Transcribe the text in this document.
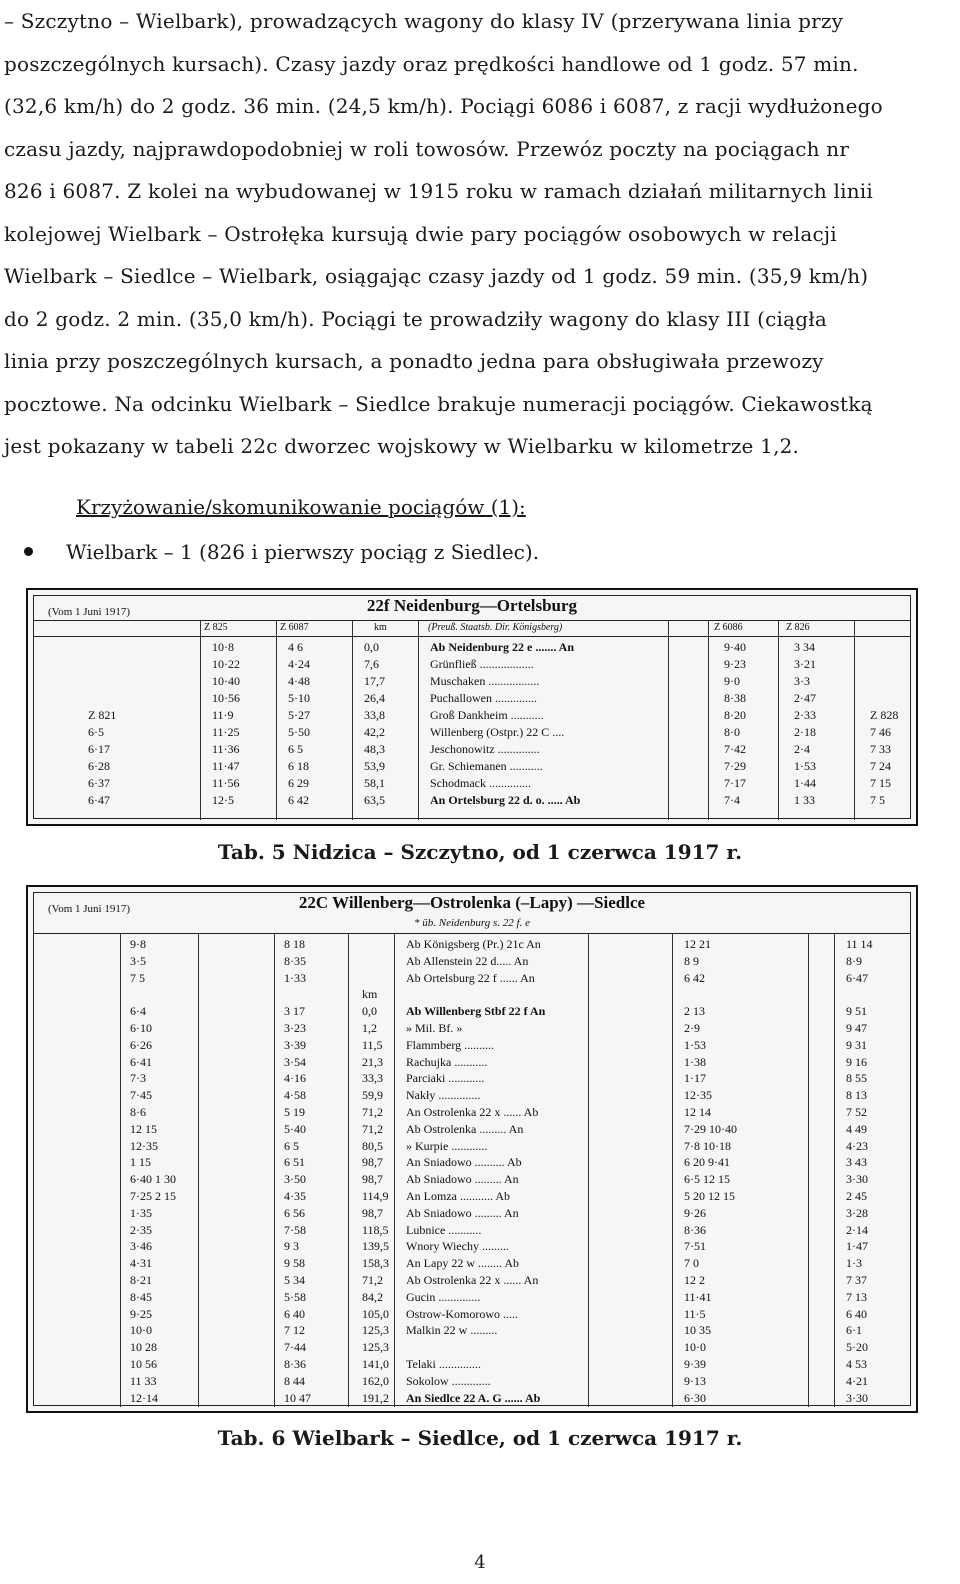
– Szczytno – Wielbark), prowadzących wagony do klasy IV (przerywana linia przy
poszczególnych kursach). Czasy jazdy oraz prędkości handlowe od 1 godz. 57 min.
(32,6 km/h) do 2 godz. 36 min. (24,5 km/h). Pociągi 6086 i 6087, z racji wydłużonego
czasu jazdy, najprawdopodobniej w roli towosów. Przewóz poczty na pociągach nr
826 i 6087. Z kolei na wybudowanej w 1915 roku w ramach działań militarnych linii
kolejowej Wielbark – Ostrołęka kursują dwie pary pociągów osobowych w relacji
Wielbark – Siedlce – Wielbark, osiągając czasy jazdy od 1 godz. 59 min. (35,9 km/h)
do 2 godz. 2 min. (35,0 km/h). Pociągi te prowadziły wagony do klasy III (ciągła
linia przy poszczególnych kursach, a ponadto jedna para obsługiwała przewozy
pocztowe. Na odcinku Wielbark – Siedlce brakuje numeracji pociągów. Ciekawostką
jest pokazany w tabeli 22c dworzec wojskowy w Wielbarku w kilometrze 1,2.
Krzyżowanie/skomunikowanie pociągów (1):
Wielbark – 1 (826 i pierwszy pociąg z Siedlec).
(Vom 1 Juni 1917)	22f Neidenburg—Ortelsburg
Z 825	Z 6087	km	(Preuß. Staatsb. Dir. Königsberg)	Z 6086	Z 826
10·8	4 6	0,0	Ab Neidenburg 22 e ....... An	9·40	3 34
10·22	4·24	7,6	Grünfließ ..................	9·23	3·21
10·40	4·48	17,7	Muschaken .................	9·0	3·3
10·56	5·10	26,4	Puchallowen ..............	8·38	2·47
Z 821	11·9	5·27	33,8	Groß Dankheim ...........	8·20	2·33	Z 828
6·5	11·25	5·50	42,2	Willenberg (Ostpr.) 22 C ....	8·0	2·18	7 46
6·17	11·36	6 5	48,3	Jeschonowitz ..............	7·42	2·4	7 33
6·28	11·47	6 18	53,9	Gr. Schiemanen ...........	7·29	1·53	7 24
6·37	11·56	6 29	58,1	Schodmack ..............	7·17	1·44	7 15
6·47	12·5	6 42	63,5	An Ortelsburg 22 d. o. ..... Ab	7·4	1 33	7 5
Tab. 5 Nidzica – Szczytno, od 1 czerwca 1917 r.
(Vom 1 Juni 1917)	22C Willenberg—Ostrolenka (–Lapy) —Siedlce
* üb. Neidenburg s. 22 f. e
9·8	8 18	Ab Königsberg (Pr.) 21c An	12 21	11 14
3·5	8·35	Ab Allenstein 22 d..... An	8 9	8·9
7 5	1·33	Ab Ortelsburg 22 f ...... An	6 42	6·47
km
6·4	3 17	0,0 Ab Willenberg Stbf 22 f An	2 13	9 51
6·10	3·23	1,2 » Mil. Bf. »	2·9	9 47
6·26	3·39	11,5 Flammberg ..........	1·53	9 31
6·41	3·54	21,3 Rachujka ...........	1·38	9 16
7·3	4·16	33,3 Parciaki ............	1·17	8 55
7·45	4·58	59,9 Nakły ..............	12·35	8 13
8·6	5 19	71,2 An Ostrolenka 22 x ...... Ab	12 14	7 52
12 15	5·40	71,2 Ab Ostrolenka ......... An	7·29 10·40	4 49
12·35	6 5	80,5 » Kurpie ............	7·8 10·18	4·23
1 15	6 51	98,7 An Sniadowo .......... Ab	6 20 9·41	3 43
6·40 1 30	3·50	98,7 Ab Sniadowo ......... An	6·5 12 15	3·30
7·25 2 15	4·35	114,9 An Lomza ........... Ab	5 20 12 15	2 45
1·35	6 56	98,7 Ab Sniadowo ......... An	9·26	3·28
2·35	7·58	118,5 Lubnice ...........	8·36	2·14
3·46	9 3	139,5 Wnory Wiechy .........	7·51	1·47
4·31	9 58	158,3 An Lapy 22 w ........ Ab	7 0	1·3
8·21	5 34	71,2 Ab Ostrolenka 22 x ...... An	12 2	7 37
8·45	5·58	84,2 Gucin ..............	11·41	7 13
9·25	6 40	105,0 Ostrow-Komorowo .....	11·5	6 40
10·0	7 12	125,3 Malkin 22 w .........	10 35	6·1
10 28	7·44	125,3	10·0	5·20
10 56	8·36	141,0 Telaki ..............	9·39	4 53
11 33	8 44	162,0 Sokolow .............	9·13	4·21
12·14	10 47	191,2 An Siedlce 22 A. G ...... Ab	6·30	3·30
Tab. 6 Wielbark – Siedlce, od 1 czerwca 1917 r.
4
